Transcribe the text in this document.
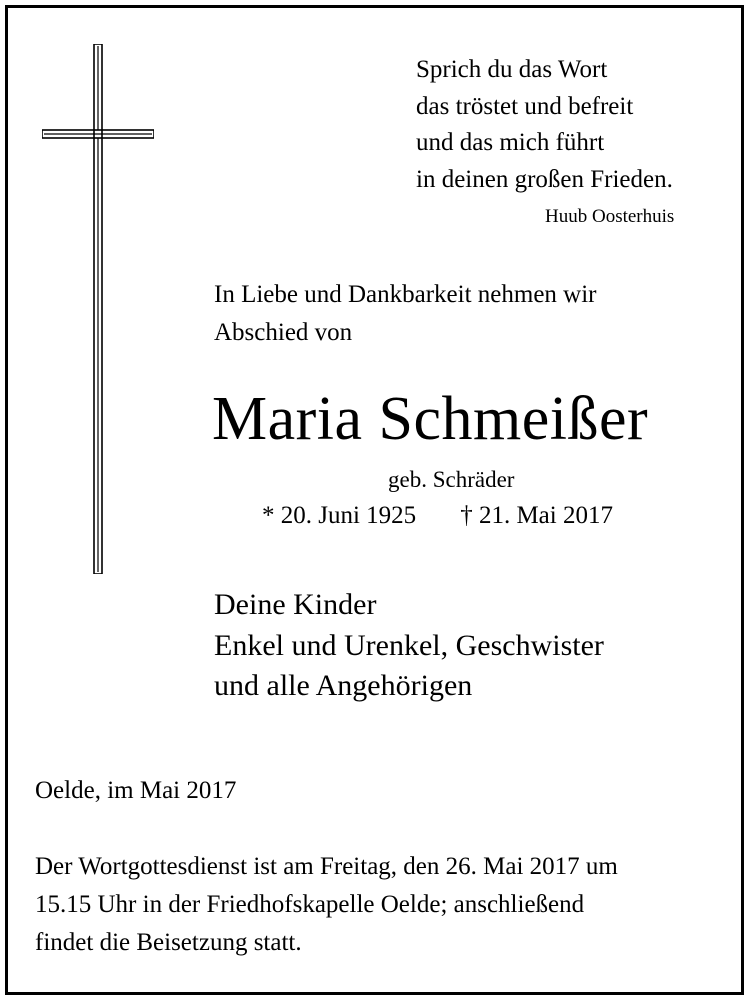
Sprich du das Wort
das tröstet und befreit
und das mich führt
in deinen großen Frieden.
Huub Oosterhuis
In Liebe und Dankbarkeit nehmen wir
Abschied von
Maria Schmeißer
geb. Schräder
* 20. Juni 1925 † 21. Mai 2017
Deine Kinder
Enkel und Urenkel, Geschwister
und alle Angehörigen
Oelde, im Mai 2017
Der Wortgottesdienst ist am Freitag, den 26. Mai 2017 um
15.15 Uhr in der Friedhofskapelle Oelde; anschließend
findet die Beisetzung statt.
